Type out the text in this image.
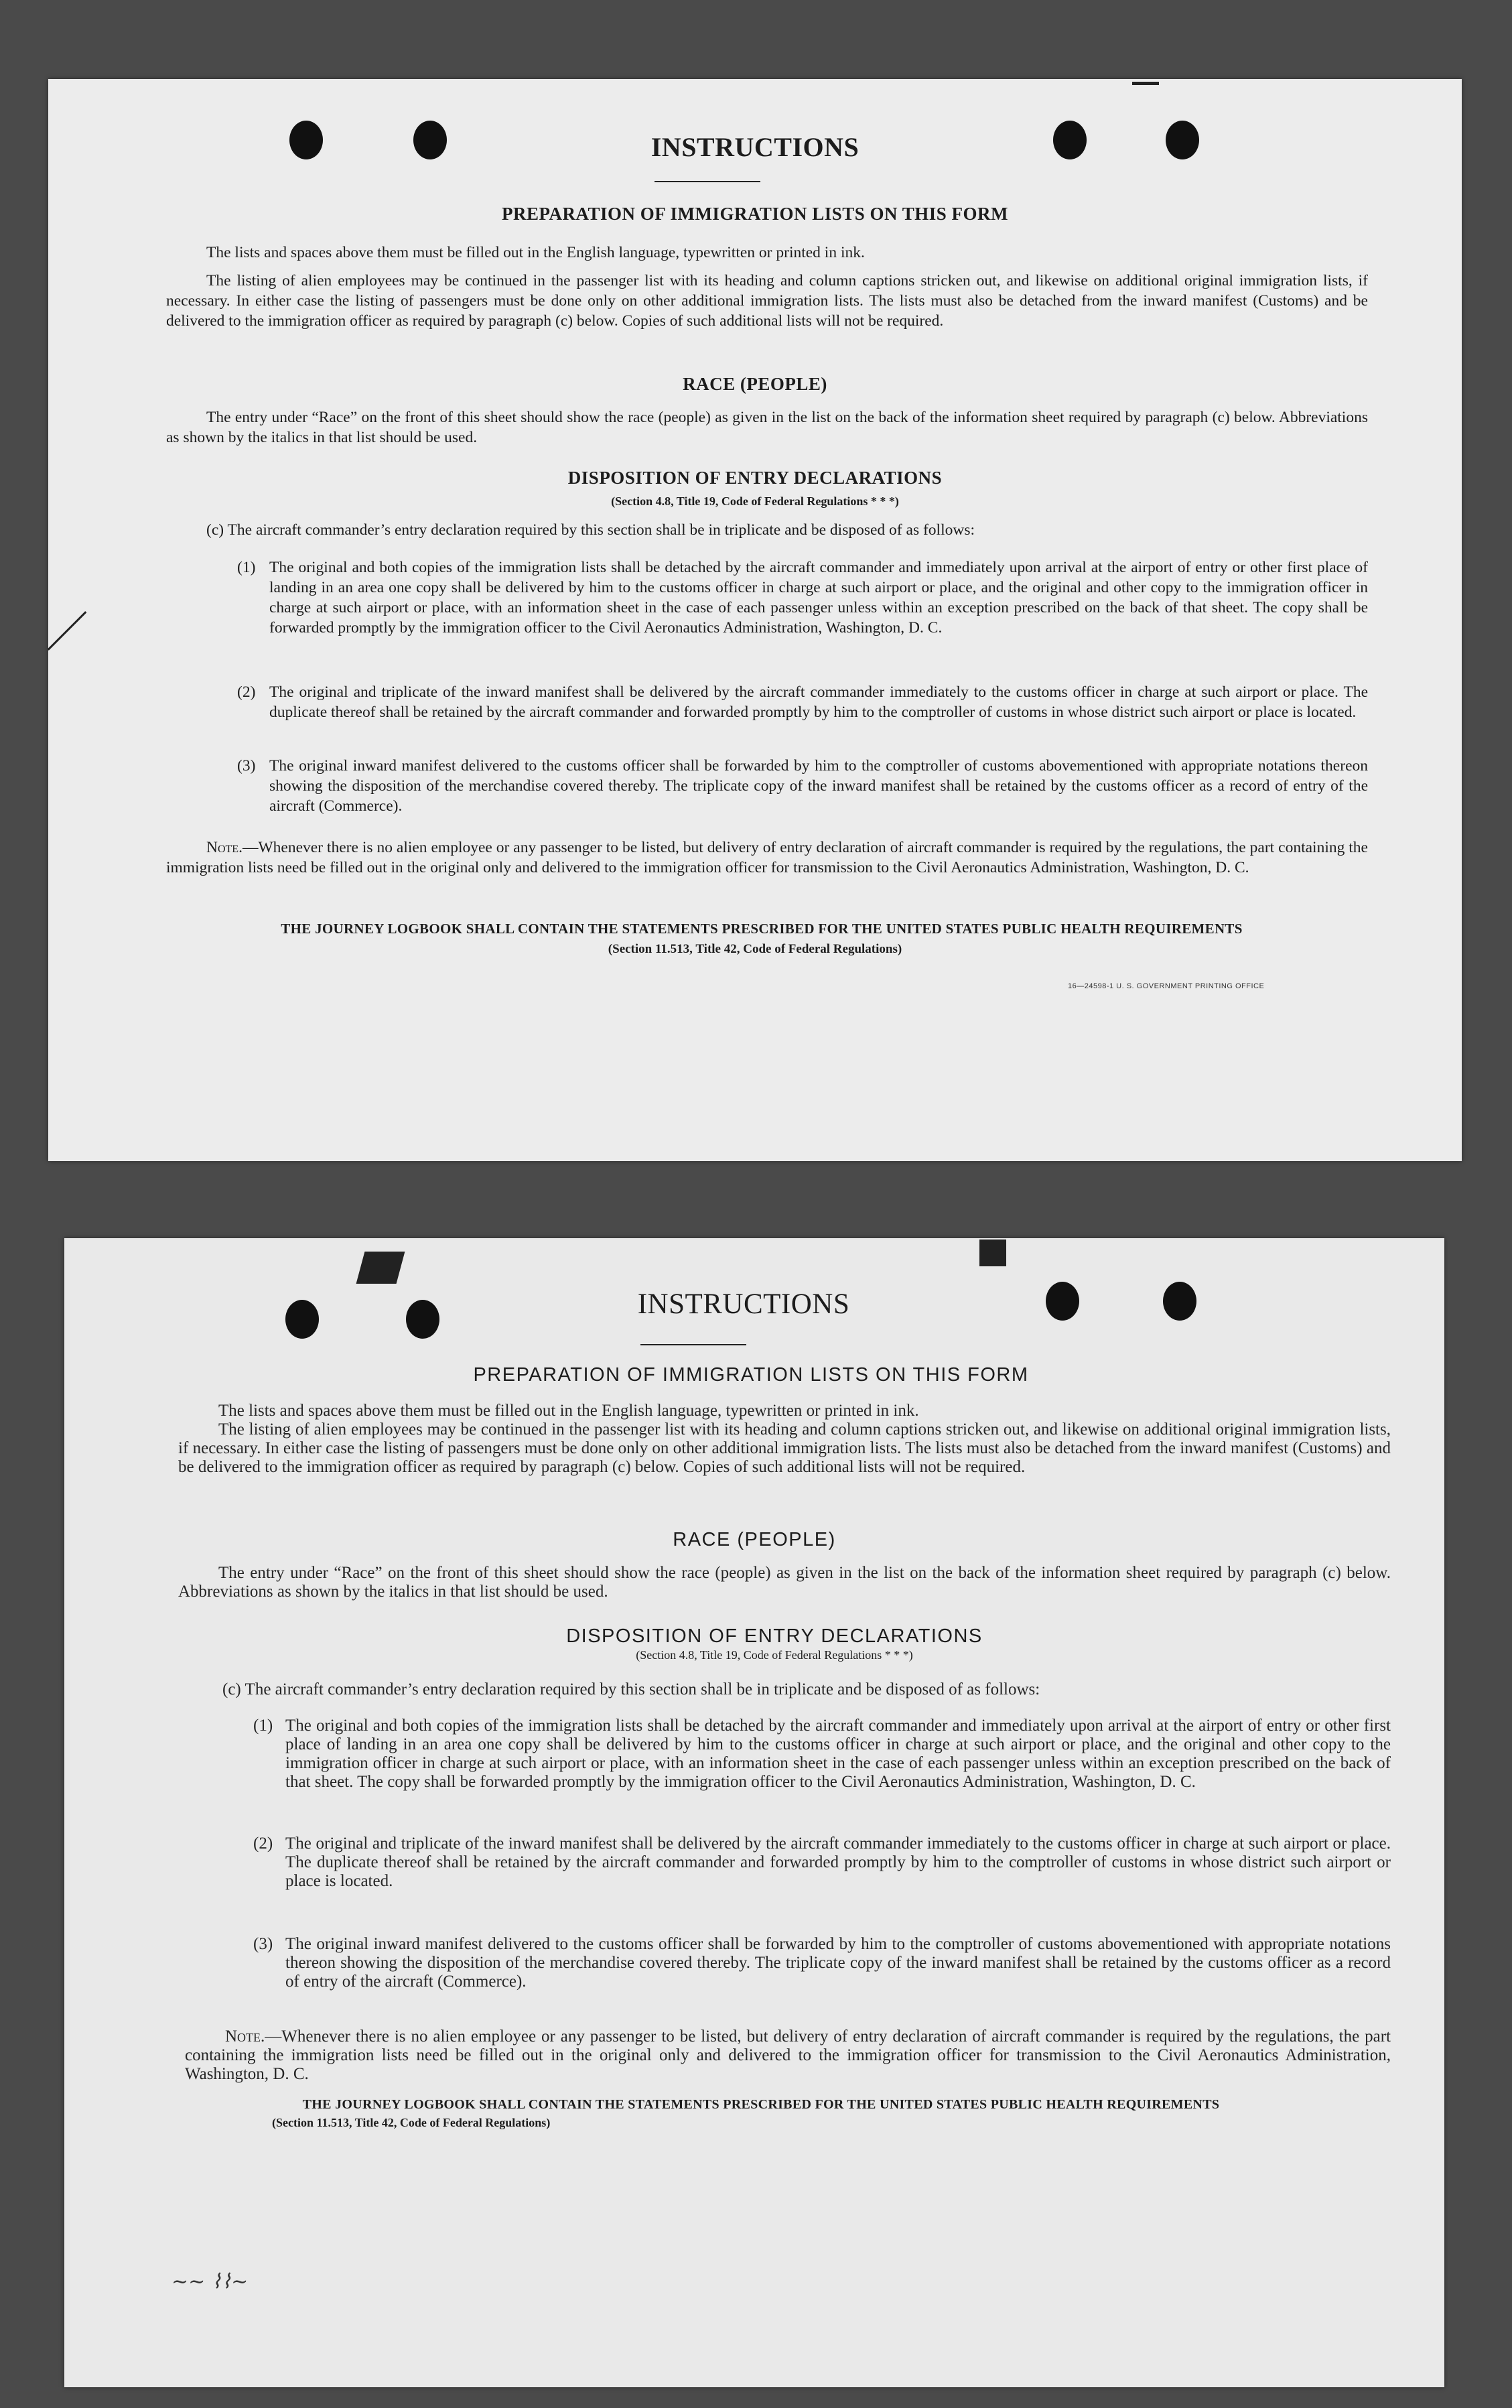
INSTRUCTIONS
PREPARATION OF IMMIGRATION LISTS ON THIS FORM

The lists and spaces above them must be filled out in the English language, typewritten or printed in ink.

The listing of alien employees may be continued in the passenger list with its heading and column captions stricken out, and likewise on additional original immigration lists, if necessary. In either case the listing of passengers must be done only on other additional immigration lists. The lists must also be detached from the inward manifest (Customs) and be delivered to the immigration officer as required by paragraph (c) below. Copies of such additional lists will not be required.

RACE (PEOPLE)

The entry under “Race” on the front of this sheet should show the race (people) as given in the list on the back of the information sheet required by paragraph (c) below. Abbreviations as shown by the italics in that list should be used.

DISPOSITION OF ENTRY DECLARATIONS
(Section 4.8, Title 19, Code of Federal Regulations * * *)

(c) The aircraft commander’s entry declaration required by this section shall be in triplicate and be disposed of as follows:

(1) The original and both copies of the immigration lists shall be detached by the aircraft commander and immediately upon arrival at the airport of entry or other first place of landing in an area one copy shall be delivered by him to the customs officer in charge at such airport or place, and the original and other copy to the immigration officer in charge at such airport or place, with an information sheet in the case of each passenger unless within an exception prescribed on the back of that sheet. The copy shall be forwarded promptly by the immigration officer to the Civil Aeronautics Administration, Washington, D. C.
(2) The original and triplicate of the inward manifest shall be delivered by the aircraft commander immediately to the customs officer in charge at such airport or place. The duplicate thereof shall be retained by the aircraft commander and forwarded promptly by him to the comptroller of customs in whose district such airport or place is located.
(3) The original inward manifest delivered to the customs officer shall be forwarded by him to the comptroller of customs abovementioned with appropriate notations thereon showing the disposition of the merchandise covered thereby. The triplicate copy of the inward manifest shall be retained by the customs officer as a record of entry of the aircraft (Commerce).

Note.—Whenever there is no alien employee or any passenger to be listed, but delivery of entry declaration of aircraft commander is required by the regulations, the part containing the immigration lists need be filled out in the original only and delivered to the immigration officer for transmission to the Civil Aeronautics Administration, Washington, D. C.

THE JOURNEY LOGBOOK SHALL CONTAIN THE STATEMENTS PRESCRIBED FOR THE UNITED STATES PUBLIC HEALTH REQUIREMENTS
(Section 11.513, Title 42, Code of Federal Regulations)
16—24598-1 U. S. GOVERNMENT PRINTING OFFICE
INSTRUCTIONS
PREPARATION OF IMMIGRATION LISTS ON THIS FORM

The lists and spaces above them must be filled out in the English language, typewritten or printed in ink.

The listing of alien employees may be continued in the passenger list with its heading and column captions stricken out, and likewise on additional original immigration lists, if necessary. In either case the listing of passengers must be done only on other additional immigration lists. The lists must also be detached from the inward manifest (Customs) and be delivered to the immigration officer as required by paragraph (c) below. Copies of such additional lists will not be required.

RACE (PEOPLE)

The entry under “Race” on the front of this sheet should show the race (people) as given in the list on the back of the information sheet required by paragraph (c) below. Abbreviations as shown by the italics in that list should be used.

DISPOSITION OF ENTRY DECLARATIONS
(Section 4.8, Title 19, Code of Federal Regulations * * *)

(c) The aircraft commander’s entry declaration required by this section shall be in triplicate and be disposed of as follows:

(1) The original and both copies of the immigration lists shall be detached by the aircraft commander and immediately upon arrival at the airport of entry or other first place of landing in an area one copy shall be delivered by him to the customs officer in charge at such airport or place, and the original and other copy to the immigration officer in charge at such airport or place, with an information sheet in the case of each passenger unless within an exception prescribed on the back of that sheet. The copy shall be forwarded promptly by the immigration officer to the Civil Aeronautics Administration, Washington, D. C.
(2) The original and triplicate of the inward manifest shall be delivered by the aircraft commander immediately to the customs officer in charge at such airport or place. The duplicate thereof shall be retained by the aircraft commander and forwarded promptly by him to the comptroller of customs in whose district such airport or place is located.
(3) The original inward manifest delivered to the customs officer shall be forwarded by him to the comptroller of customs abovementioned with appropriate notations thereon showing the disposition of the merchandise covered thereby. The triplicate copy of the inward manifest shall be retained by the customs officer as a record of entry of the aircraft (Commerce).

Note.—Whenever there is no alien employee or any passenger to be listed, but delivery of entry declaration of aircraft commander is required by the regulations, the part containing the immigration lists need be filled out in the original only and delivered to the immigration officer for transmission to the Civil Aeronautics Administration, Washington, D. C.

THE JOURNEY LOGBOOK SHALL CONTAIN THE STATEMENTS PRESCRIBED FOR THE UNITED STATES PUBLIC HEALTH REQUIREMENTS
(Section 11.513, Title 42, Code of Federal Regulations)
~~ ⌇⌇~
